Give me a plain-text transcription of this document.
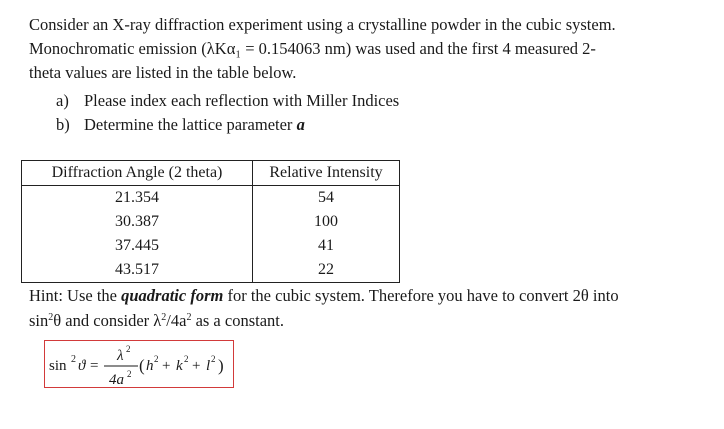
Consider an X-ray diffraction experiment using a crystalline powder in the cubic system.
Monochromatic emission (λKα₁ = 0.154063 nm) was used and the first 4 measured 2-
theta values are listed in the table below.
a) Please index each reflection with Miller Indices
b) Determine the lattice parameter a
Diffraction Angle (2 theta)	Relative Intensity
21.354	54
30.387	100
37.445	41
43.517	22
Hint: Use the quadratic form for the cubic system. Therefore you have to convert 2θ into
$\sin^2\theta$ and consider $\lambda^2/4a^2$ as a constant.
sin 2 ϑ =
λ 2
4a 2 ( h 2 + k 2 + l 2 )
